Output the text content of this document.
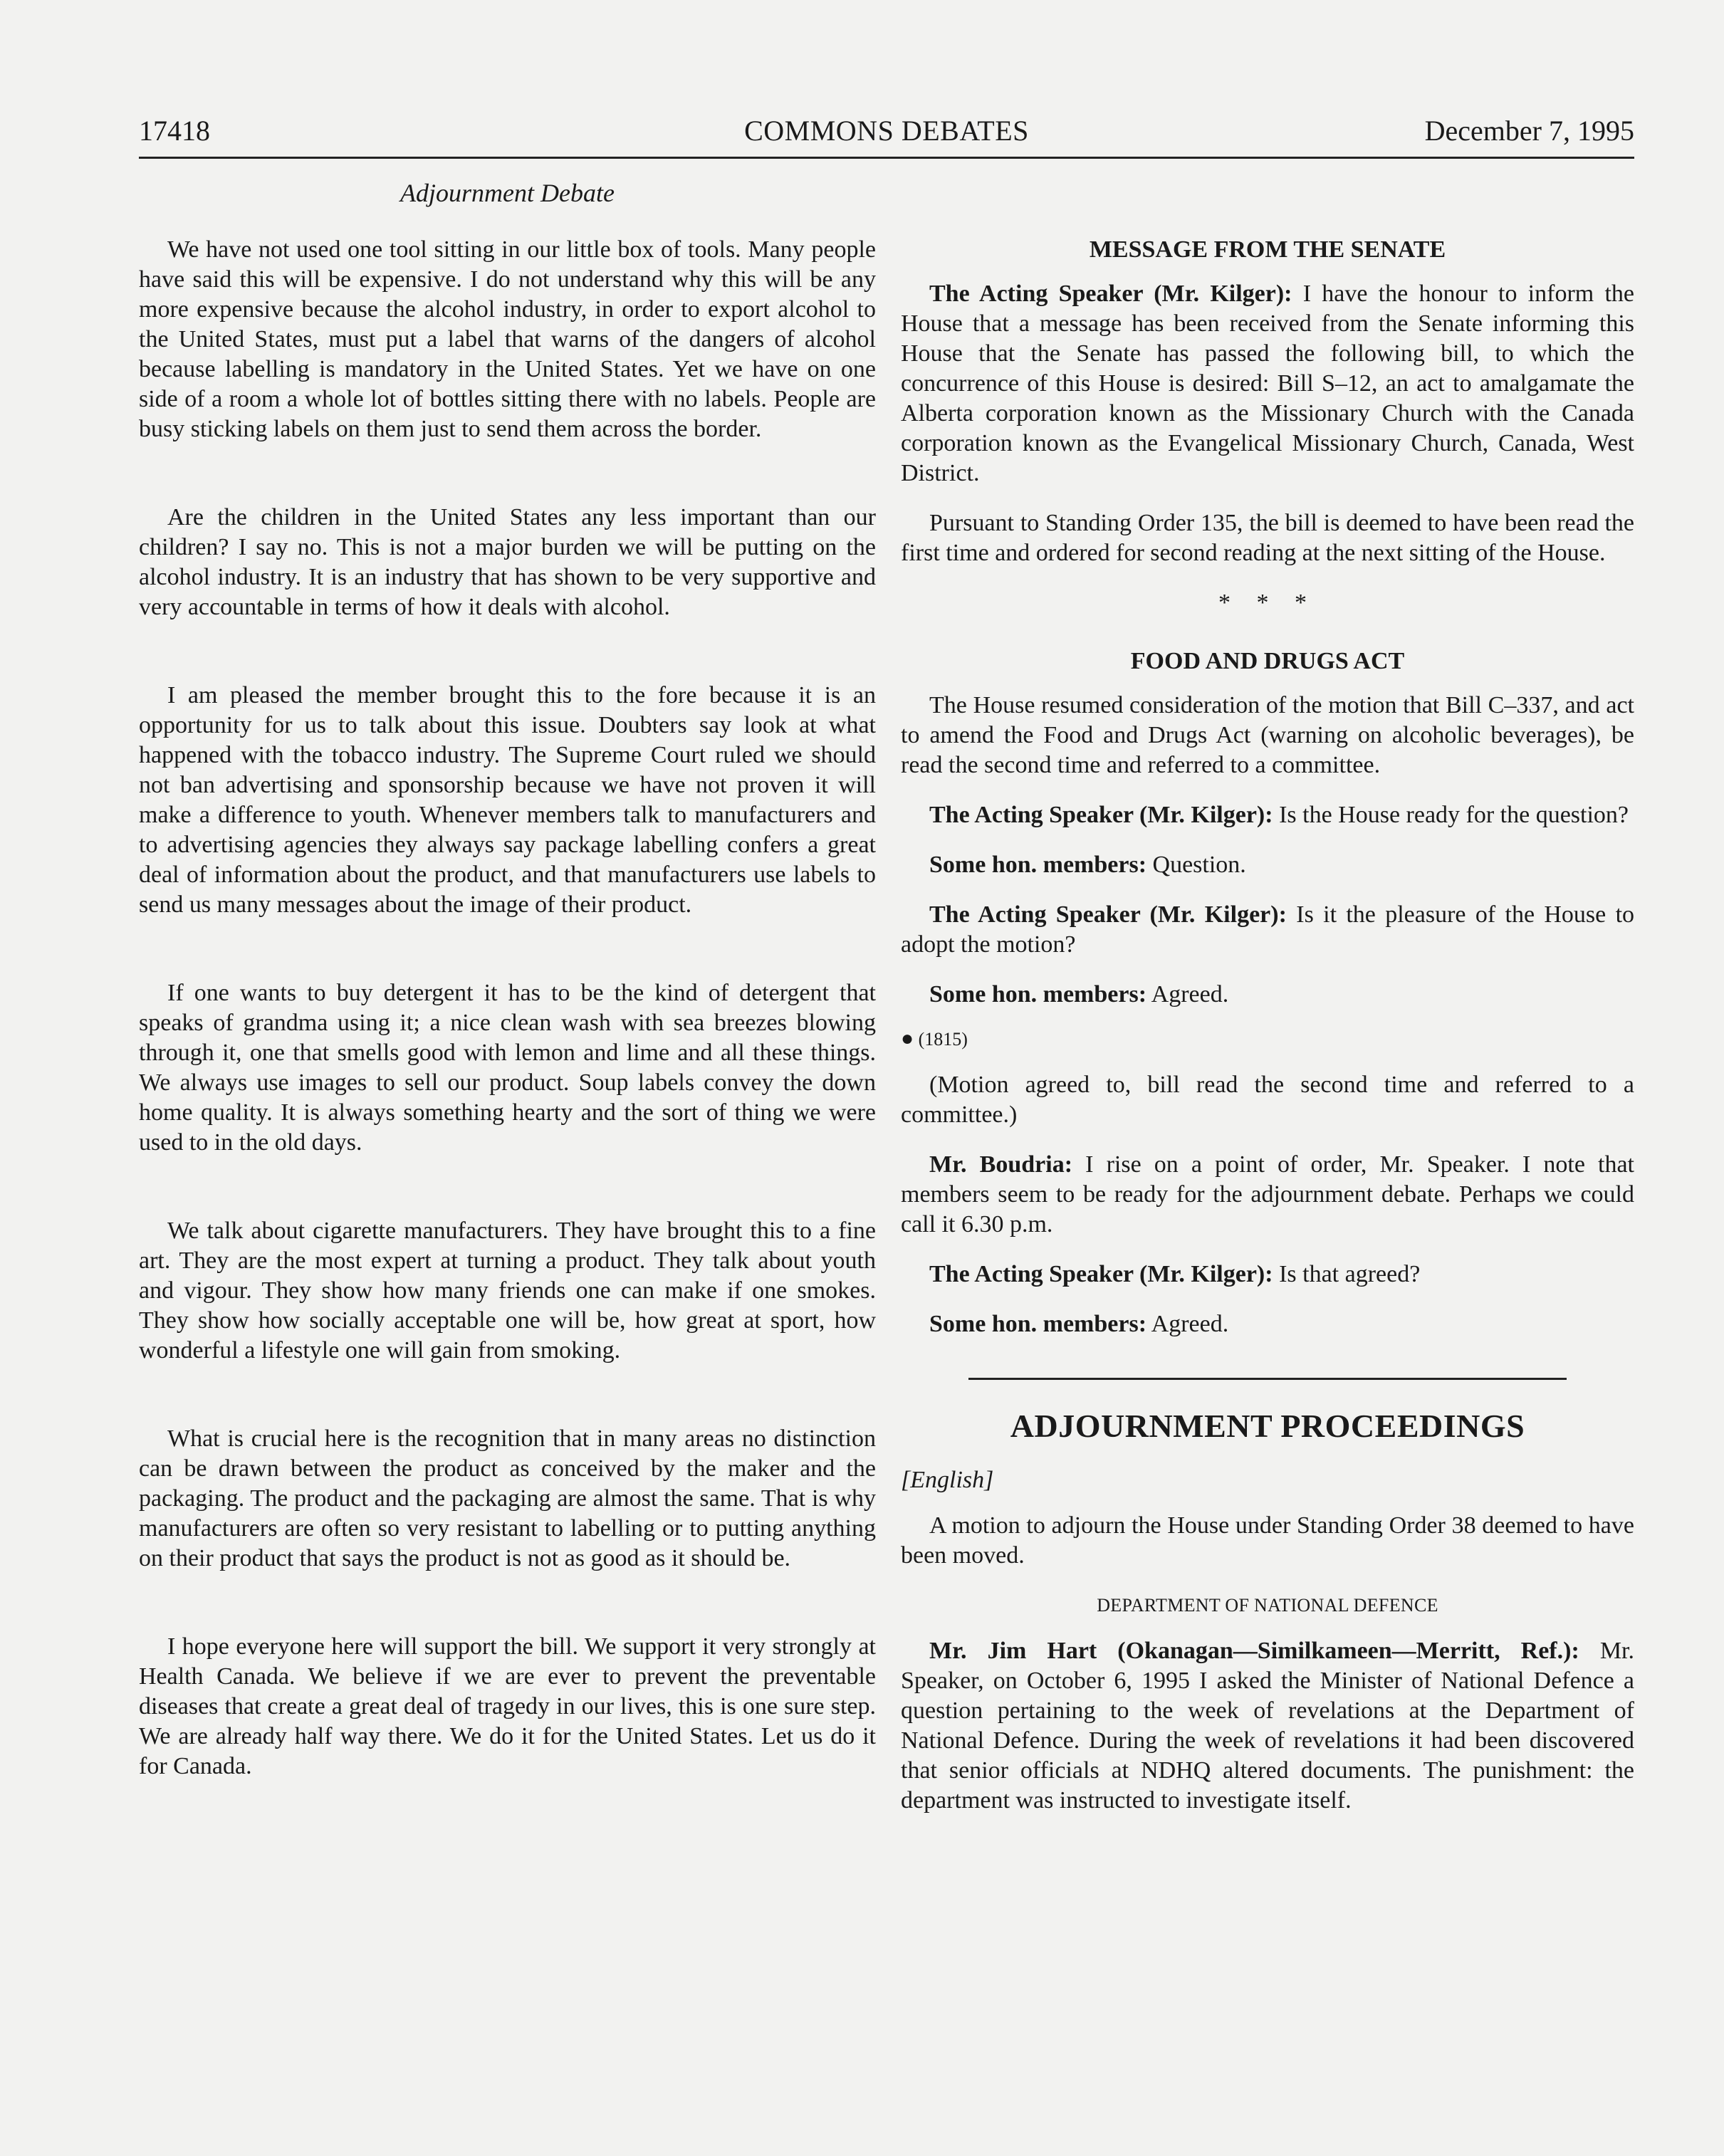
17418	COMMONS DEBATES	December 7, 1995
Adjournment Debate

We have not used one tool sitting in our little box of tools. Many people have said this will be expensive. I do not understand why this will be any more expensive because the alcohol industry, in order to export alcohol to the United States, must put a label that warns of the dangers of alcohol because labelling is mandatory in the United States. Yet we have on one side of a room a whole lot of bottles sitting there with no labels. People are busy sticking labels on them just to send them across the border.

Are the children in the United States any less important than our children? I say no. This is not a major burden we will be putting on the alcohol industry. It is an industry that has shown to be very supportive and very accountable in terms of how it deals with alcohol.

I am pleased the member brought this to the fore because it is an opportunity for us to talk about this issue. Doubters say look at what happened with the tobacco industry. The Supreme Court ruled we should not ban advertising and sponsorship because we have not proven it will make a difference to youth. Whenever members talk to manufacturers and to advertising agencies they always say package labelling confers a great deal of information about the product, and that manufacturers use labels to send us many messages about the image of their product.

If one wants to buy detergent it has to be the kind of detergent that speaks of grandma using it; a nice clean wash with sea breezes blowing through it, one that smells good with lemon and lime and all these things. We always use images to sell our product. Soup labels convey the down home quality. It is always something hearty and the sort of thing we were used to in the old days.

We talk about cigarette manufacturers. They have brought this to a fine art. They are the most expert at turning a product. They talk about youth and vigour. They show how many friends one can make if one smokes. They show how socially acceptable one will be, how great at sport, how wonderful a lifestyle one will gain from smoking.

What is crucial here is the recognition that in many areas no distinction can be drawn between the product as conceived by the maker and the packaging. The product and the packaging are almost the same. That is why manufacturers are often so very resistant to labelling or to putting anything on their product that says the product is not as good as it should be.

I hope everyone here will support the bill. We support it very strongly at Health Canada. We believe if we are ever to prevent the preventable diseases that create a great deal of tragedy in our lives, this is one sure step. We are already half way there. We do it for the United States. Let us do it for Canada.

MESSAGE FROM THE SENATE

The Acting Speaker (Mr. Kilger): I have the honour to inform the House that a message has been received from the Senate informing this House that the Senate has passed the following bill, to which the concurrence of this House is desired: Bill S–12, an act to amalgamate the Alberta corporation known as the Missionary Church with the Canada corporation known as the Evangelical Missionary Church, Canada, West District.

Pursuant to Standing Order 135, the bill is deemed to have been read the first time and ordered for second reading at the next sitting of the House.

* * *
FOOD AND DRUGS ACT

The House resumed consideration of the motion that Bill C–337, and act to amend the Food and Drugs Act (warning on alcoholic beverages), be read the second time and referred to a committee.

The Acting Speaker (Mr. Kilger): Is the House ready for the question?

Some hon. members: Question.

The Acting Speaker (Mr. Kilger): Is it the pleasure of the House to adopt the motion?

Some hon. members: Agreed.

● (1815)

(Motion agreed to, bill read the second time and referred to a committee.)

Mr. Boudria: I rise on a point of order, Mr. Speaker. I note that members seem to be ready for the adjournment debate. Perhaps we could call it 6.30 p.m.

The Acting Speaker (Mr. Kilger): Is that agreed?

Some hon. members: Agreed.

ADJOURNMENT PROCEEDINGS
[English]

A motion to adjourn the House under Standing Order 38 deemed to have been moved.

DEPARTMENT OF NATIONAL DEFENCE

Mr. Jim Hart (Okanagan—Similkameen—Merritt, Ref.): Mr. Speaker, on October 6, 1995 I asked the Minister of National Defence a question pertaining to the week of revelations at the Department of National Defence. During the week of revelations it had been discovered that senior officials at NDHQ altered documents. The punishment: the department was instructed to investigate itself.
